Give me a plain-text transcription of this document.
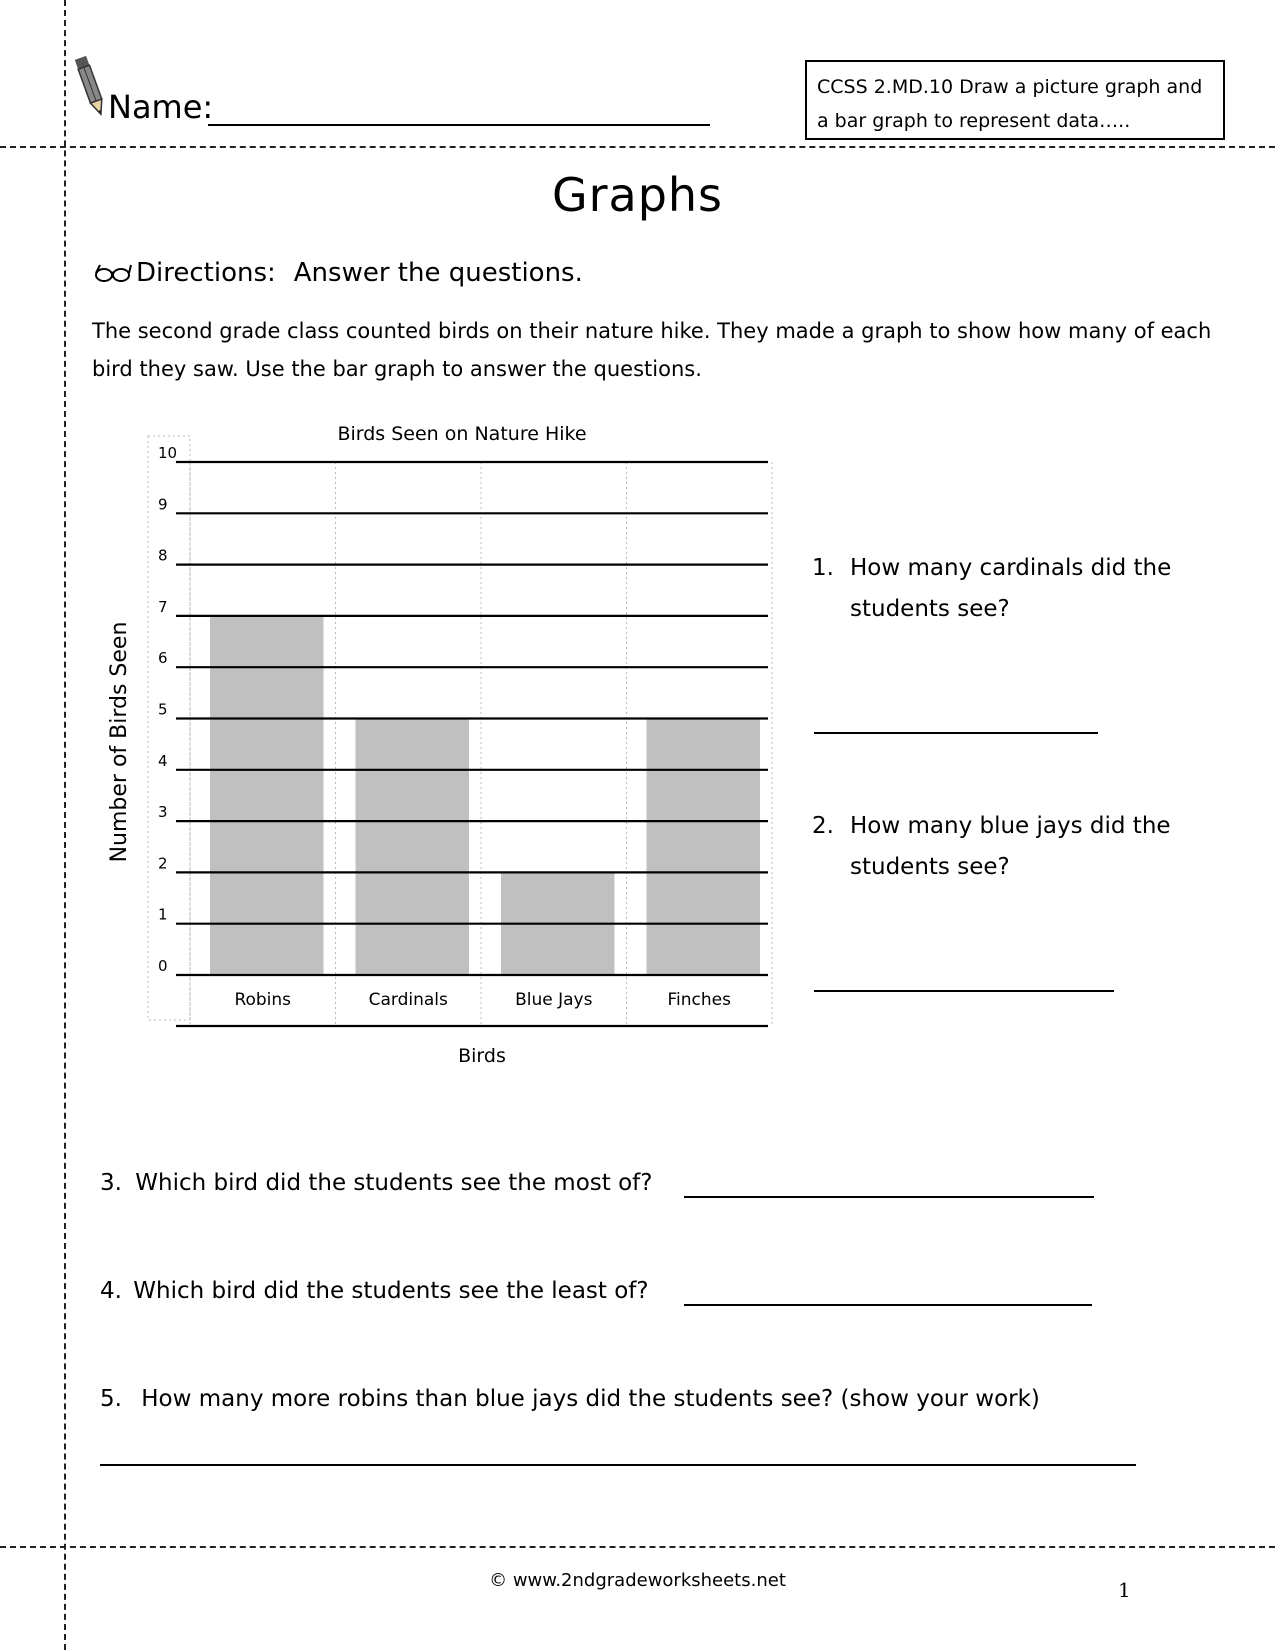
Name:
CCSS 2.MD.10 Draw a picture graph and a bar graph to represent data…..
Graphs
Directions: Answer the questions.
The second grade class counted birds on their nature hike. They made a graph to show how many of each bird they saw. Use the bar graph to answer the questions.
Birds Seen on Nature Hike
Number of Birds Seen
Birds
Robins	Cardinals	Blue Jays	Finches
0
1
2
3
4
5
6
7
8
9
10
1. How many cardinals did the students see?
2. How many blue jays did the students see?
3. Which bird did the students see the most of?
4. Which bird did the students see the least of?
5. How many more robins than blue jays did the students see? (show your work)
© www.2ndgradeworksheets.net	1
